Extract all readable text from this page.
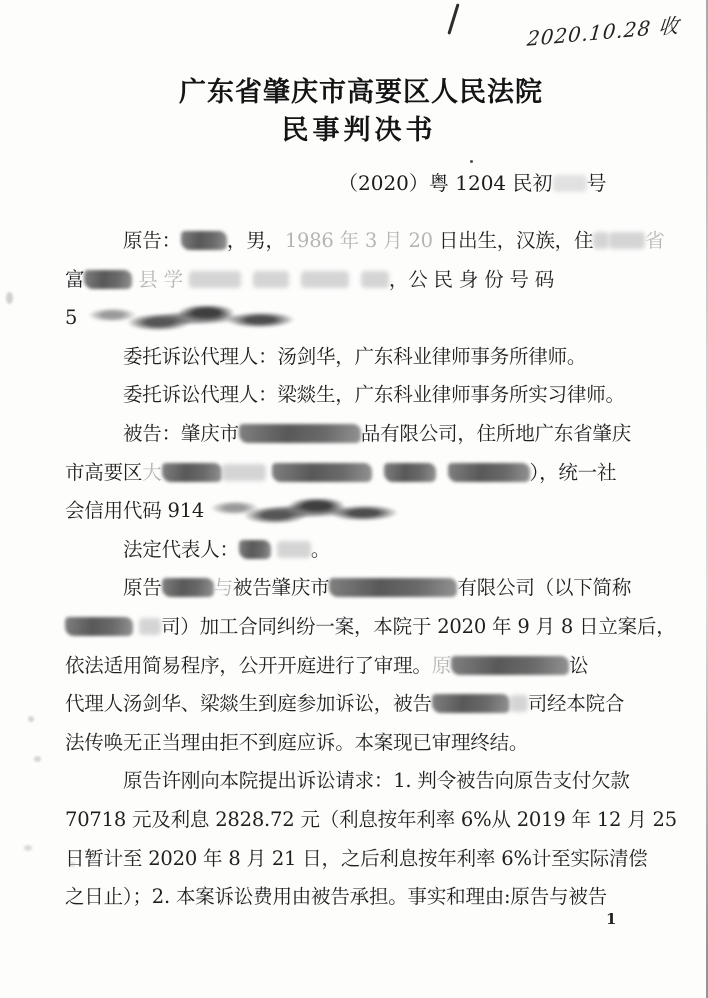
2020.10.28 收
广东省肇庆市高要区人民法院
民事判决书
（2020）粤 1204 民初 号
原告： ，男，1986 年 3 月 20 日出生，汉族，住	省
富 县 学	，公 民 身 份 号 码
5
委托诉讼代理人：汤剑华，广东科业律师事务所律师。
委托诉讼代理人：梁燚生，广东科业律师事务所实习律师。
被告：肇庆市	品有限公司，住所地广东省肇庆
市高要区大	），统一社
会信用代码 914
法定代表人：	。
原告	与被告肇庆市	有限公司（以下简称
司）加工合同纠纷一案，本院于 2020 年 9 月 8 日立案后，
依法适用简易程序，公开开庭进行了审理。原	讼
代理人汤剑华、梁燚生到庭参加诉讼，被告	司经本院合
法传唤无正当理由拒不到庭应诉。本案现已审理终结。
原告许刚向本院提出诉讼请求：1. 判令被告向原告支付欠款
70718 元及利息 2828.72 元（利息按年利率 6%从 2019 年 12 月 25
日暂计至 2020 年 8 月 21 日，之后利息按年利率 6%计至实际清偿
之日止）；2. 本案诉讼费用由被告承担。事实和理由:原告与被告
1
